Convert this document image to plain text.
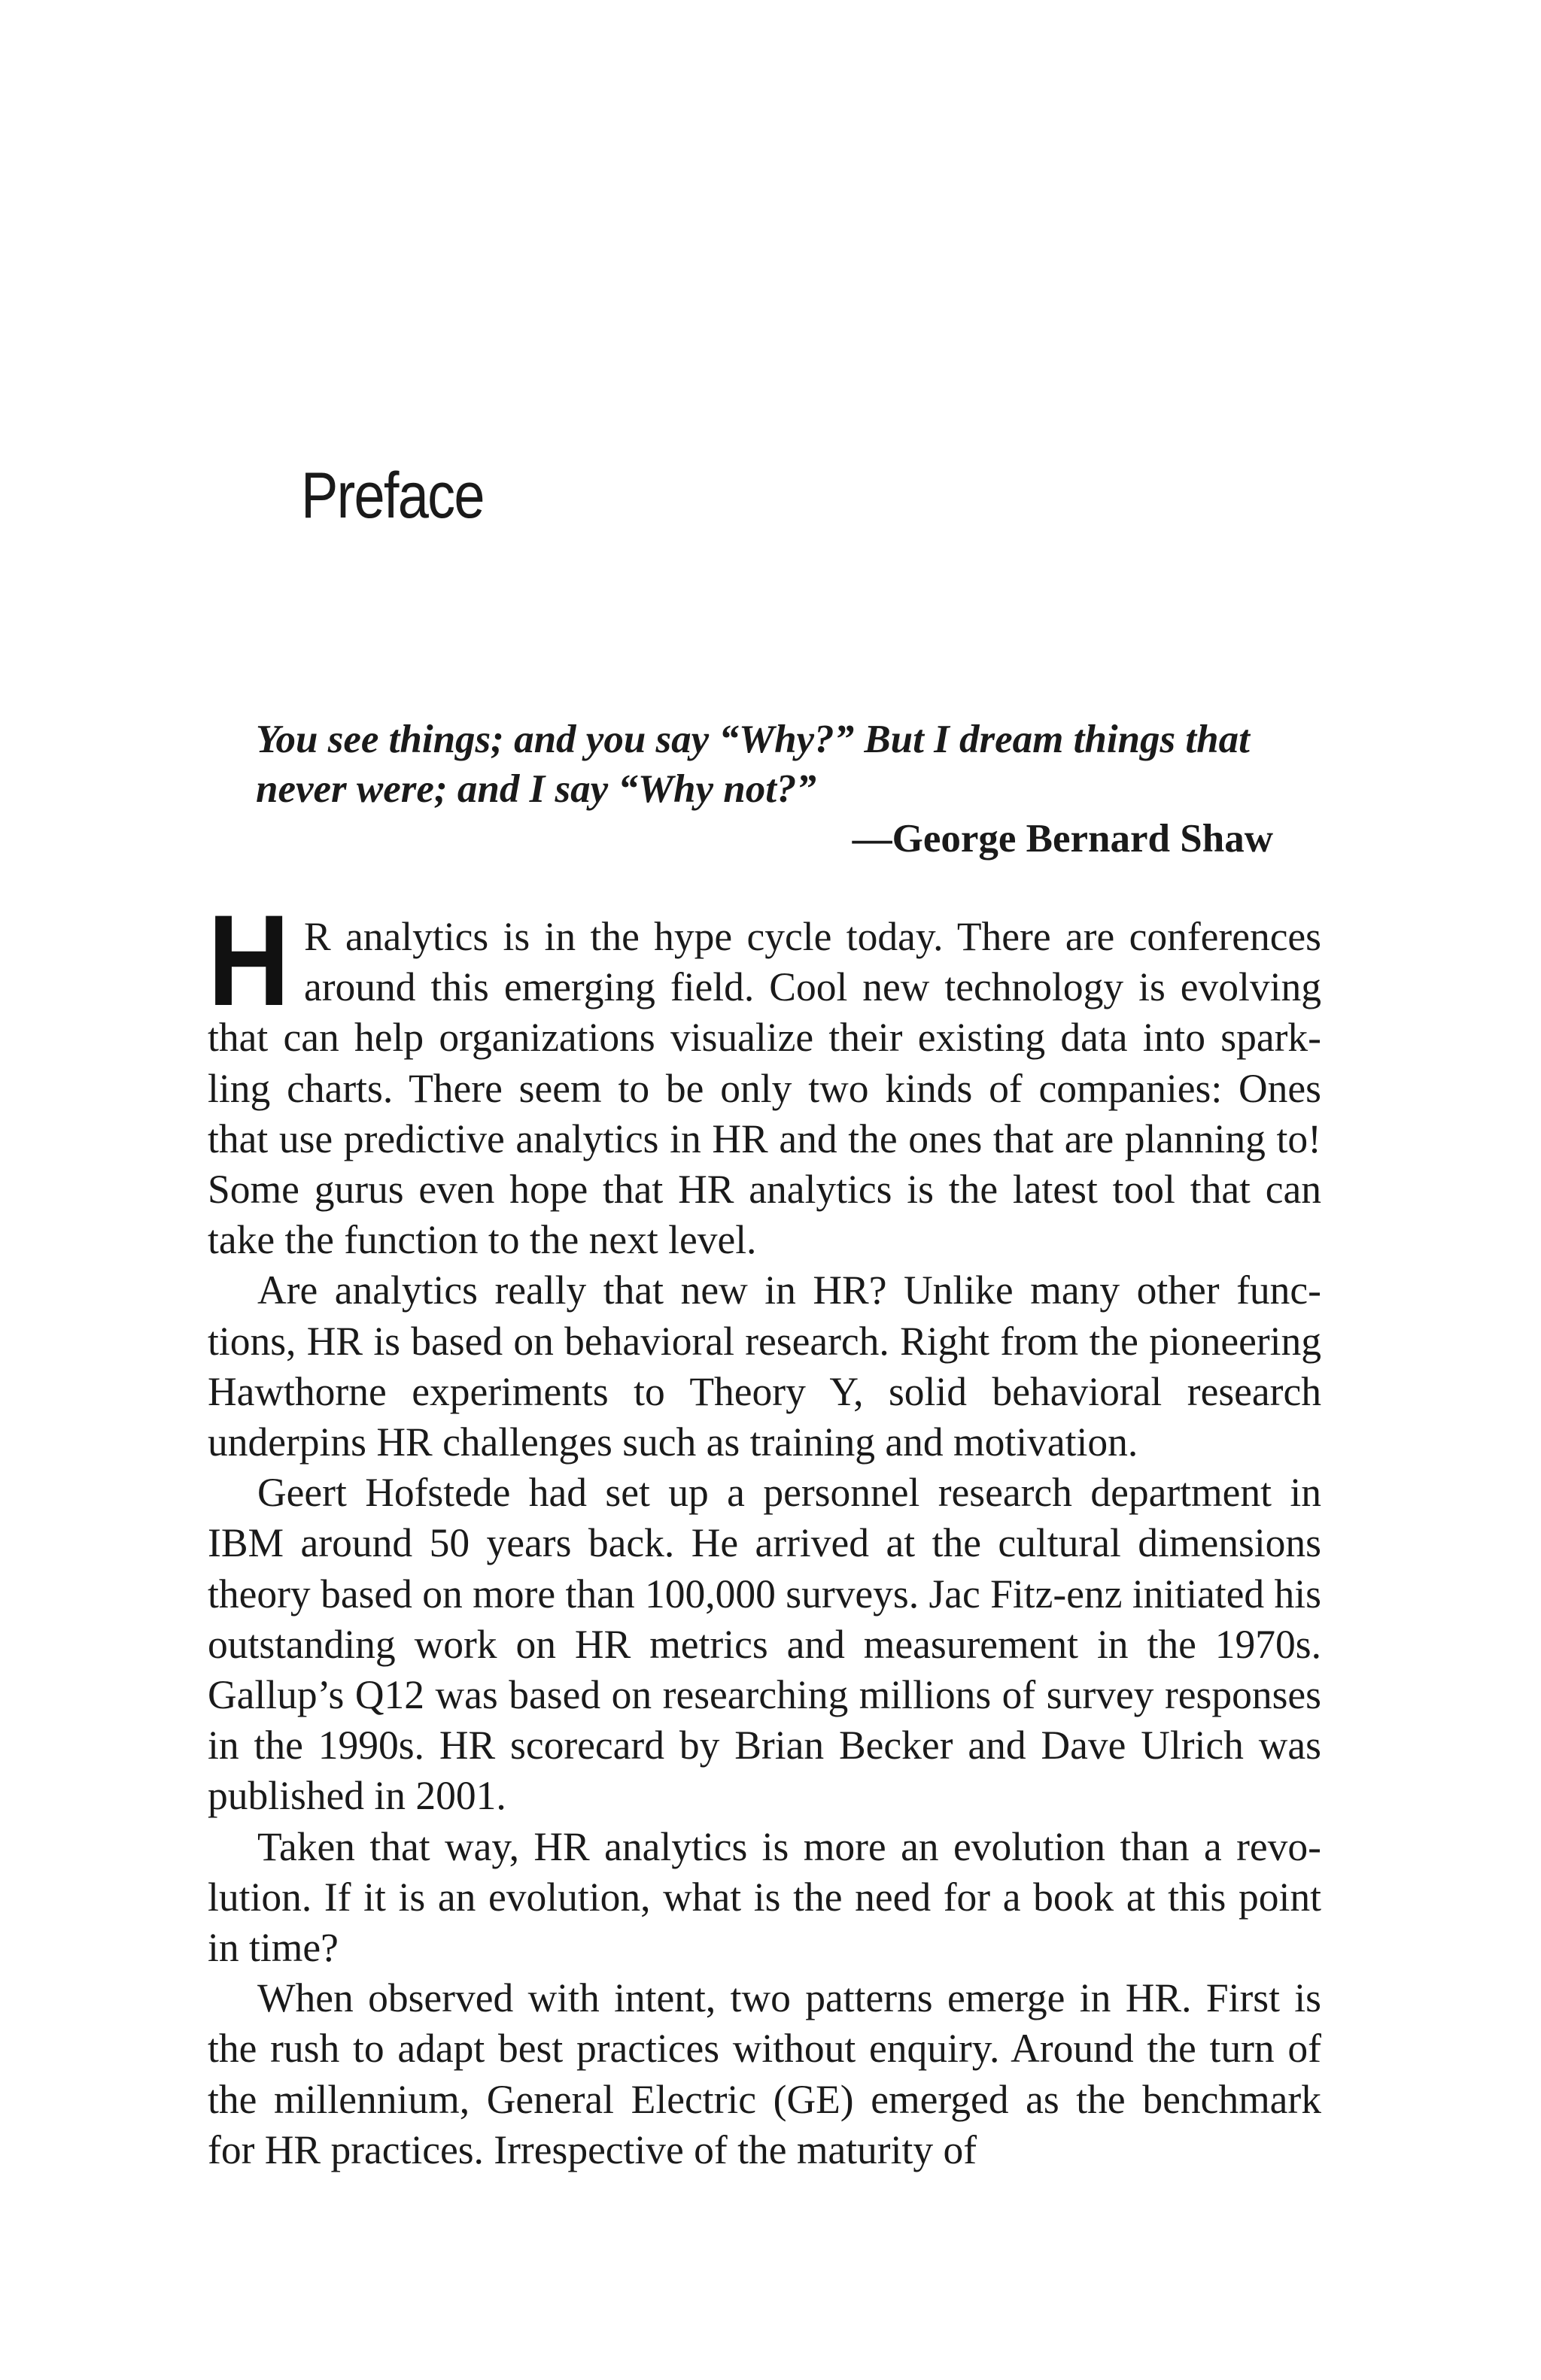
Preface

You see things; and you say “Why?” But I dream things that never were; and I say “Why not?”

—George Bernard Shaw

H R analytics is in the hype cycle today. There are conferences around this emerging field. Cool new technology is evolving that can help organizations visualize their existing data into sparkling charts. There seem to be only two kinds of companies: Ones that use predictive analytics in HR and the ones that are planning to! Some gurus even hope that HR analytics is the latest tool that can take the function to the next level.

Are analytics really that new in HR? Unlike many other functions, HR is based on behavioral research. Right from the pioneering Hawthorne experiments to Theory Y, solid behavioral research underpins HR challenges such as training and motivation.

Geert Hofstede had set up a personnel research department in IBM around 50 years back. He arrived at the cultural dimensions theory based on more than 100,000 surveys. Jac Fitz-enz initiated his outstanding work on HR metrics and measurement in the 1970s. Gallup’s Q12 was based on researching millions of survey responses in the 1990s. HR scorecard by Brian Becker and Dave Ulrich was published in 2001.

Taken that way, HR analytics is more an evolution than a revolution. If it is an evolution, what is the need for a book at this point in time?

When observed with intent, two patterns emerge in HR. First is the rush to adapt best practices without enquiry. Around the turn of the millennium, General Electric (GE) emerged as the benchmark for HR practices. Irrespective of the maturity of
